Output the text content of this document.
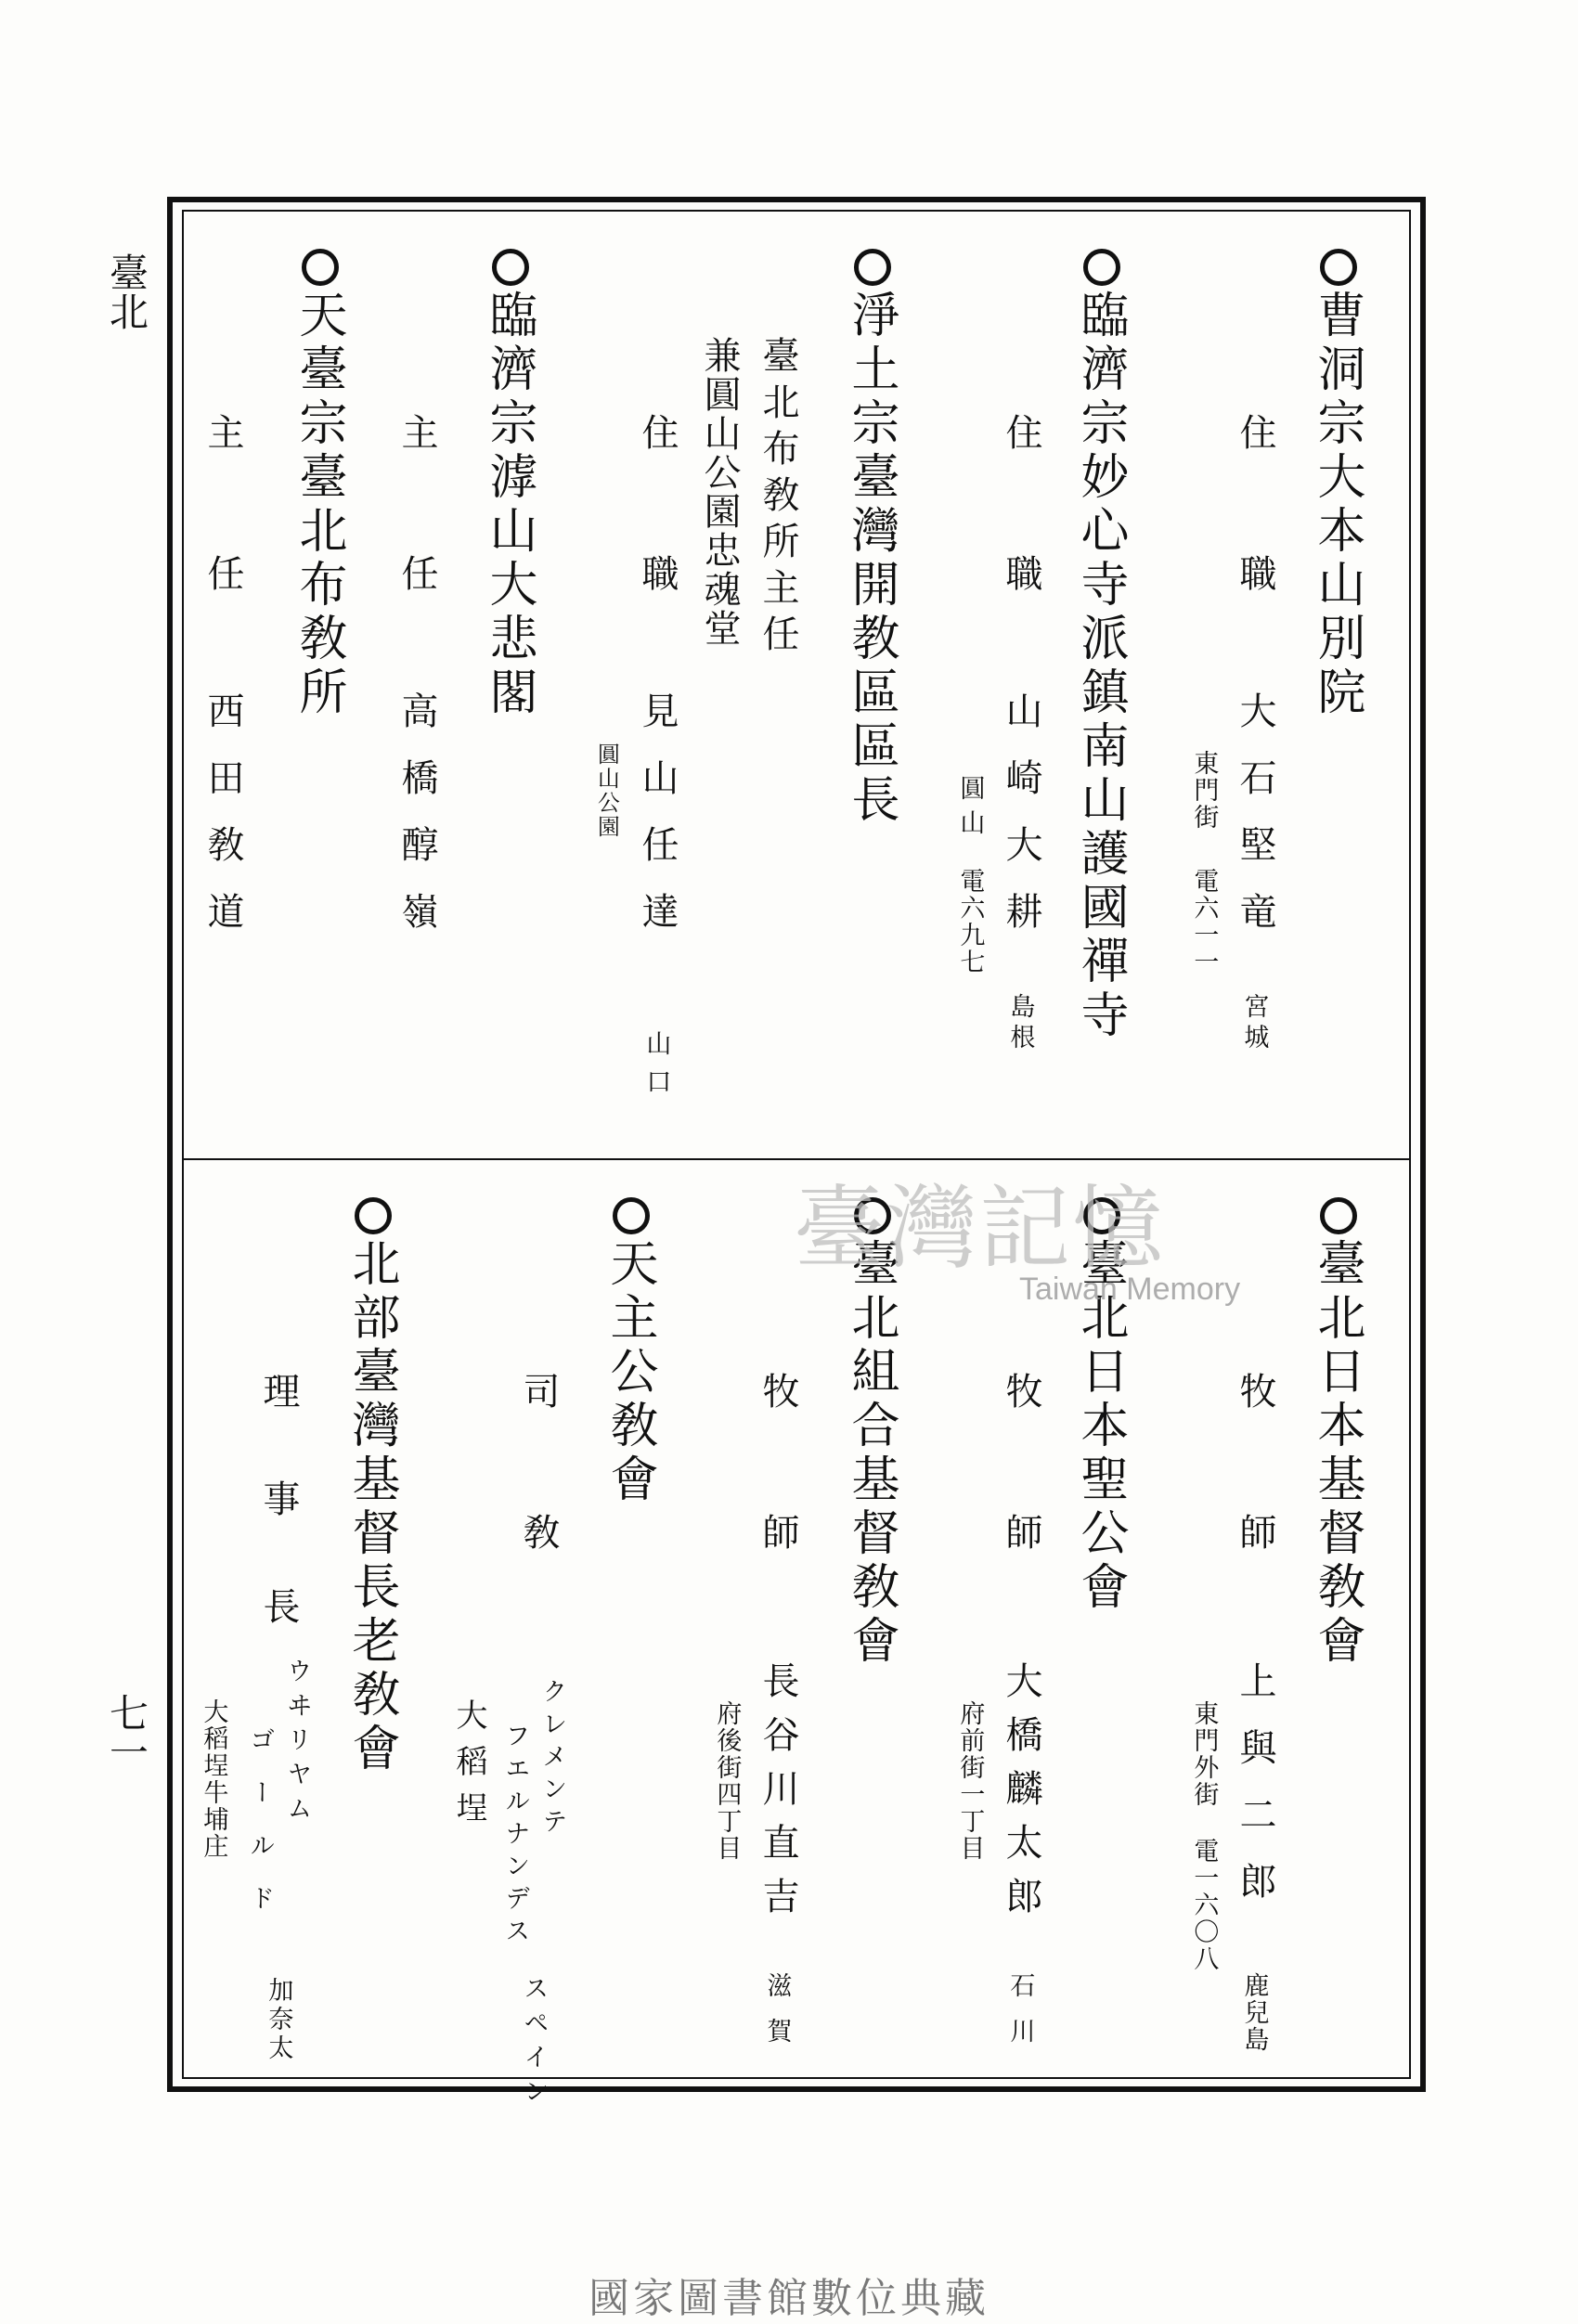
臺北
七一
曹洞宗大本山別院
住職
大石堅竜
宮城
東門街
電六一一
臨濟宗妙心寺派鎮南山護國禪寺
住職
山崎大耕
島根
圓山
電六九七
淨土宗臺灣開教區區長
臺北布敎所主任
兼圓山公園忠魂堂
住職
見山任達
山口
圓山公園
臨濟宗滹山大悲閣
主任
高橋醇嶺
天臺宗臺北布敎所
主任
西田敎道
臺北日本基督敎會
牧師
上與二郎
鹿兒島
東門外街
電一六〇八
臺北日本聖公會
牧師
大橋麟太郎
石川
府前街一丁目
臺北組合基督敎會
牧師
長谷川直吉
滋賀
府後街四丁目
天主公敎會
司敎
クレメンテ
フエルナンデス
スペイン
大稻埕
北部臺灣基督長老敎會
理事長
ウヰリヤム
ゴールド
加奈太
大稻埕牛埔庄
臺灣記憶
Taiwan Memory
國家圖書館數位典藏
